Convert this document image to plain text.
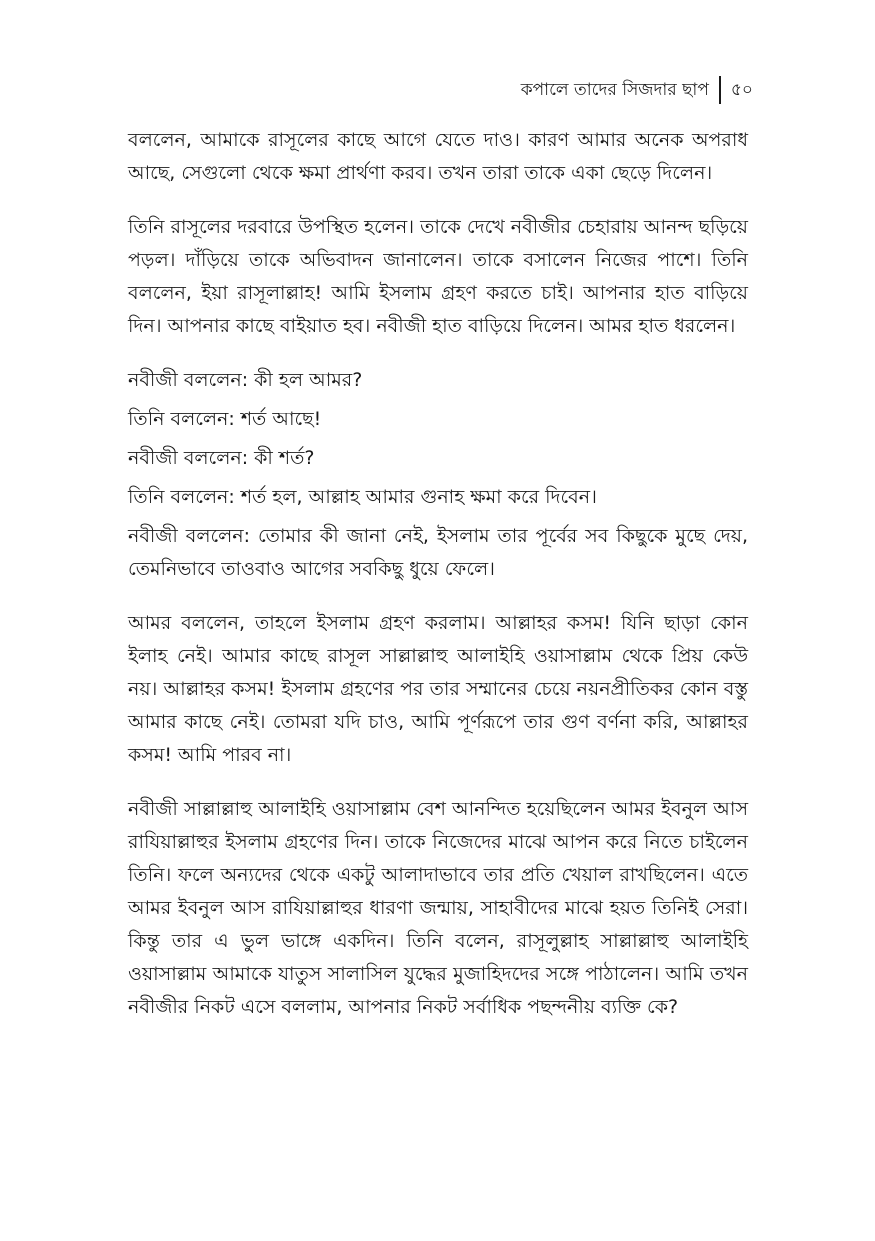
কপালে তাদের সিজদার ছাপ	৫০

বললেন, আমাকে রাসূলের কাছে আগে যেতে দাও। কারণ আমার অনেক অপরাধ আছে, সেগুলো থেকে ক্ষমা প্রার্থণা করব। তখন তারা তাকে একা ছেড়ে দিলেন।

তিনি রাসূলের দরবারে উপস্থিত হলেন। তাকে দেখে নবীজীর চেহারায় আনন্দ ছড়িয়ে পড়ল। দাঁড়িয়ে তাকে অভিবাদন জানালেন। তাকে বসালেন নিজের পাশে। তিনি বললেন, ইয়া রাসূলাল্লাহ! আমি ইসলাম গ্রহণ করতে চাই। আপনার হাত বাড়িয়ে দিন। আপনার কাছে বাইয়াত হব। নবীজী হাত বাড়িয়ে দিলেন। আমর হাত ধরলেন।

নবীজী বললেন: কী হল আমর?

তিনি বললেন: শর্ত আছে!

নবীজী বললেন: কী শর্ত?

তিনি বললেন: শর্ত হল, আল্লাহ আমার গুনাহ ক্ষমা করে দিবেন।

নবীজী বললেন: তোমার কী জানা নেই, ইসলাম তার পূর্বের সব কিছুকে মুছে দেয়, তেমনিভাবে তাওবাও আগের সবকিছু ধুয়ে ফেলে।

আমর বললেন, তাহলে ইসলাম গ্রহণ করলাম। আল্লাহর কসম! যিনি ছাড়া কোন ইলাহ নেই। আমার কাছে রাসূল সাল্লাল্লাহু আলাইহি ওয়াসাল্লাম থেকে প্রিয় কেউ নয়। আল্লাহর কসম! ইসলাম গ্রহণের পর তার সম্মানের চেয়ে নয়নপ্রীতিকর কোন বস্তু আমার কাছে নেই। তোমরা যদি চাও, আমি পূর্ণরূপে তার গুণ বর্ণনা করি, আল্লাহর কসম! আমি পারব না।

নবীজী সাল্লাল্লাহু আলাইহি ওয়াসাল্লাম বেশ আনন্দিত হয়েছিলেন আমর ইবনুল আস রাযিয়াল্লাহুর ইসলাম গ্রহণের দিন। তাকে নিজেদের মাঝে আপন করে নিতে চাইলেন তিনি। ফলে অন্যদের থেকে একটু আলাদাভাবে তার প্রতি খেয়াল রাখছিলেন। এতে আমর ইবনুল আস রাযিয়াল্লাহুর ধারণা জন্মায়, সাহাবীদের মাঝে হয়ত তিনিই সেরা। কিন্তু তার এ ভুল ভাঙ্গে একদিন। তিনি বলেন, রাসূলুল্লাহ সাল্লাল্লাহু আলাইহি ওয়াসাল্লাম আমাকে যাতুস সালাসিল যুদ্ধের মুজাহিদদের সঙ্গে পাঠালেন। আমি তখন নবীজীর নিকট এসে বললাম, আপনার নিকট সর্বাধিক পছন্দনীয় ব্যক্তি কে?
